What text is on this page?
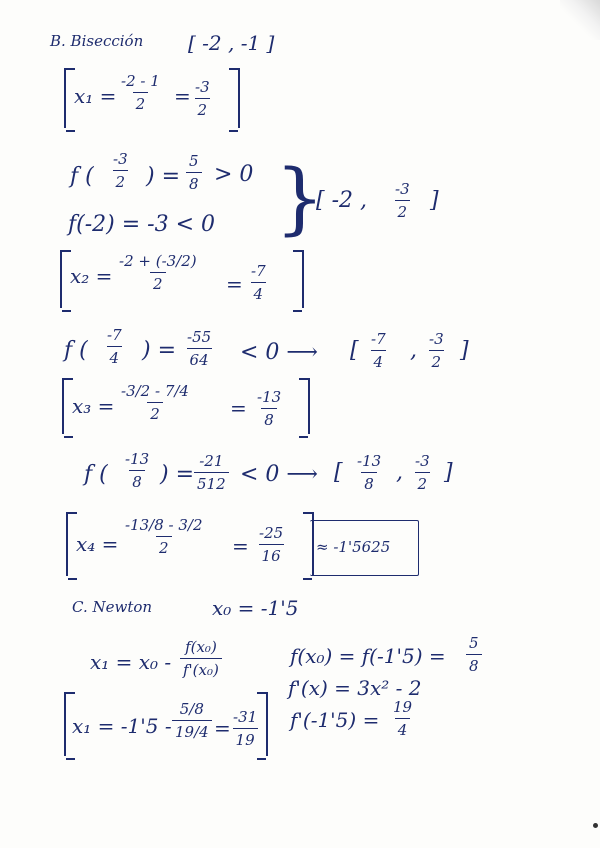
B. Bisección [ -2 , -1 ]
$x_1 = \frac{-2 - 1}{2} = \frac{-3}{2}$
f ( $\frac{-3}{2}$ ) = $\frac{5}{8} > 0$
f(-2) = -3 < 0 }
[ -2 , $\frac{-3}{2}$ ]
$x_2 = \frac{-2 + (-3/2)}{2} = \frac{-7}{4}$
f ( $\frac{-7}{4}$ ) = $\frac{-55}{64} < 0$ ⟶ [ $\frac{-7}{4}$ , $\frac{-3}{2}$ ]
$x_3 = \frac{-3/2 - 7/4}{2} = \frac{-13}{8}$
f ( $\frac{-13}{8}$ ) = $\frac{-21}{512} < 0$ ⟶ [ $\frac{-13}{8}$ , $\frac{-3}{2}$ ]
$x_4 = \frac{-13/8 - 3/2}{2} = \frac{-25}{16} \approx -1'5625$
C. Newton	x₀ = -1'5
$x_1 = x_0 - \frac{\text{f(x₀)}}{\text{f'(x₀)}}$	$f(x_0) = f(-1'5) = \frac{5}{8}$
f'(x) = 3x² - 2
$f'(-1'5) = \frac{19}{4}$
$x_1 = -1'5 - \frac{5/8}{19/4} = \frac{-31}{19}$
